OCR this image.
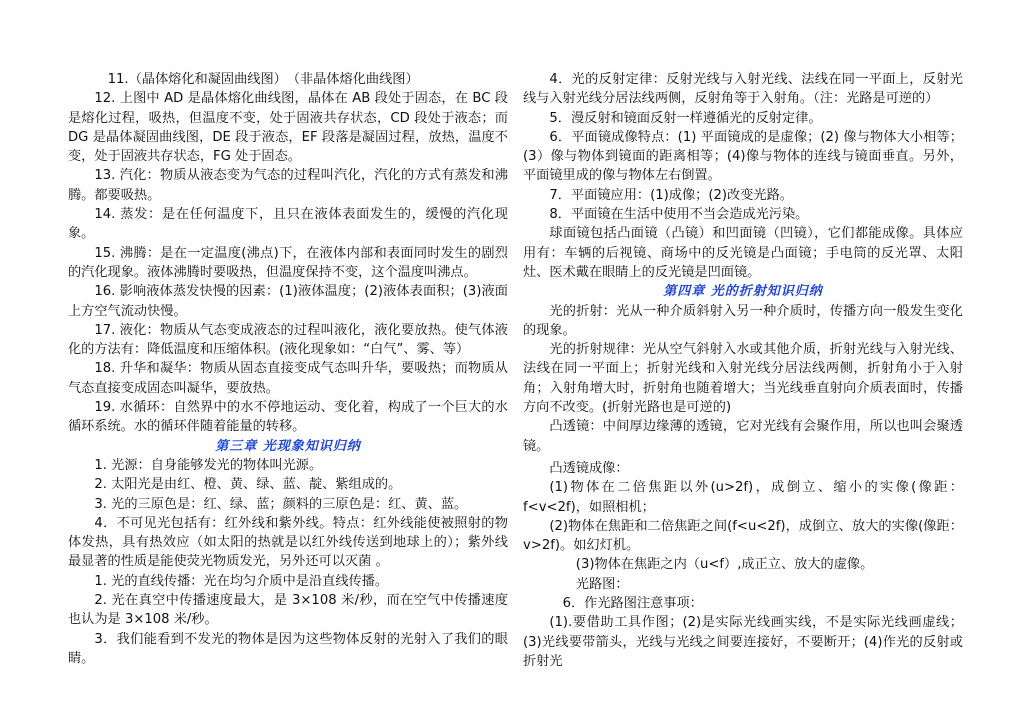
11.（晶体熔化和凝固曲线图）　（非晶体熔化曲线图）

12. 上图中 AD 是晶体熔化曲线图，晶体在 AB 段处于固态，在 BC 段是熔化过程，吸热，但温度不变，处于固液共存状态，CD 段处于液态；而 DG 是晶体凝固曲线图，DE 段于液态，EF 段落是凝固过程，放热，温度不变，处于固液共存状态，FG 处于固态。

13. 汽化：物质从液态变为气态的过程叫汽化，汽化的方式有蒸发和沸腾。都要吸热。

14. 蒸发：是在任何温度下，且只在液体表面发生的，缓慢的汽化现象。

15. 沸腾：是在一定温度(沸点)下，在液体内部和表面同时发生的剧烈的汽化现象。液体沸腾时要吸热，但温度保持不变，这个温度叫沸点。

16. 影响液体蒸发快慢的因素：(1)液体温度；(2)液体表面积；(3)液面上方空气流动快慢。

17. 液化：物质从气态变成液态的过程叫液化，液化要放热。使气体液化的方法有：降低温度和压缩体积。(液化现象如：“白气”、雾、等）

18. 升华和凝华：物质从固态直接变成气态叫升华，要吸热；而物质从气态直接变成固态叫凝华，要放热。

19. 水循环：自然界中的水不停地运动、变化着，构成了一个巨大的水循环系统。水的循环伴随着能量的转移。

第三章 光现象知识归纳

1. 光源：自身能够发光的物体叫光源。

2. 太阳光是由红、橙、黄、绿、蓝、靛、紫组成的。

3. 光的三原色是：红、绿、蓝；颜料的三原色是：红、黄、蓝。

4．不可见光包括有：红外线和紫外线。特点：红外线能使被照射的物体发热，具有热效应（如太阳的热就是以红外线传送到地球上的）；紫外线最显著的性质是能使荧光物质发光，另外还可以灭菌 。

1. 光的直线传播：光在均匀介质中是沿直线传播。

2. 光在真空中传播速度最大，是 3×108 米/秒，而在空气中传播速度也认为是 3×108 米/秒。

3．我们能看到不发光的物体是因为这些物体反射的光射入了我们的眼睛。

4．光的反射定律：反射光线与入射光线、法线在同一平面上，反射光线与入射光线分居法线两侧，反射角等于入射角。（注：光路是可逆的）

5．漫反射和镜面反射一样遵循光的反射定律。

6．平面镜成像特点：(1) 平面镜成的是虚像；(2) 像与物体大小相等；(3）像与物体到镜面的距离相等；(4)像与物体的连线与镜面垂直。另外，平面镜里成的像与物体左右倒置。

7．平面镜应用：(1)成像；(2)改变光路。

8．平面镜在生活中使用不当会造成光污染。

球面镜包括凸面镜（凸镜）和凹面镜（凹镜），它们都能成像。具体应用有：车辆的后视镜、商场中的反光镜是凸面镜；手电筒的反光罩、太阳灶、医术戴在眼睛上的反光镜是凹面镜。

第四章 光的折射知识归纳

光的折射：光从一种介质斜射入另一种介质时，传播方向一般发生变化的现象。

光的折射规律：光从空气斜射入水或其他介质，折射光线与入射光线、法线在同一平面上；折射光线和入射光线分居法线两侧，折射角小于入射角；入射角增大时，折射角也随着增大；当光线垂直射向介质表面时，传播方向不改变。(折射光路也是可逆的)

凸透镜：中间厚边缘薄的透镜，它对光线有会聚作用，所以也叫会聚透镜。

凸透镜成像：

(1)物体在二倍焦距以外(u>2f)，成倒立、缩小的实像(像距：f<v<2f)，如照相机；

(2)物体在焦距和二倍焦距之间(f<u<2f)，成倒立、放大的实像(像距：v>2f)。如幻灯机。

(3)物体在焦距之内（u<f）,成正立、放大的虚像。

光路图：

6．作光路图注意事项：

(1).要借助工具作图；(2)是实际光线画实线，不是实际光线画虚线；(3)光线要带箭头，光线与光线之间要连接好，不要断开；(4)作光的反射或折射光
